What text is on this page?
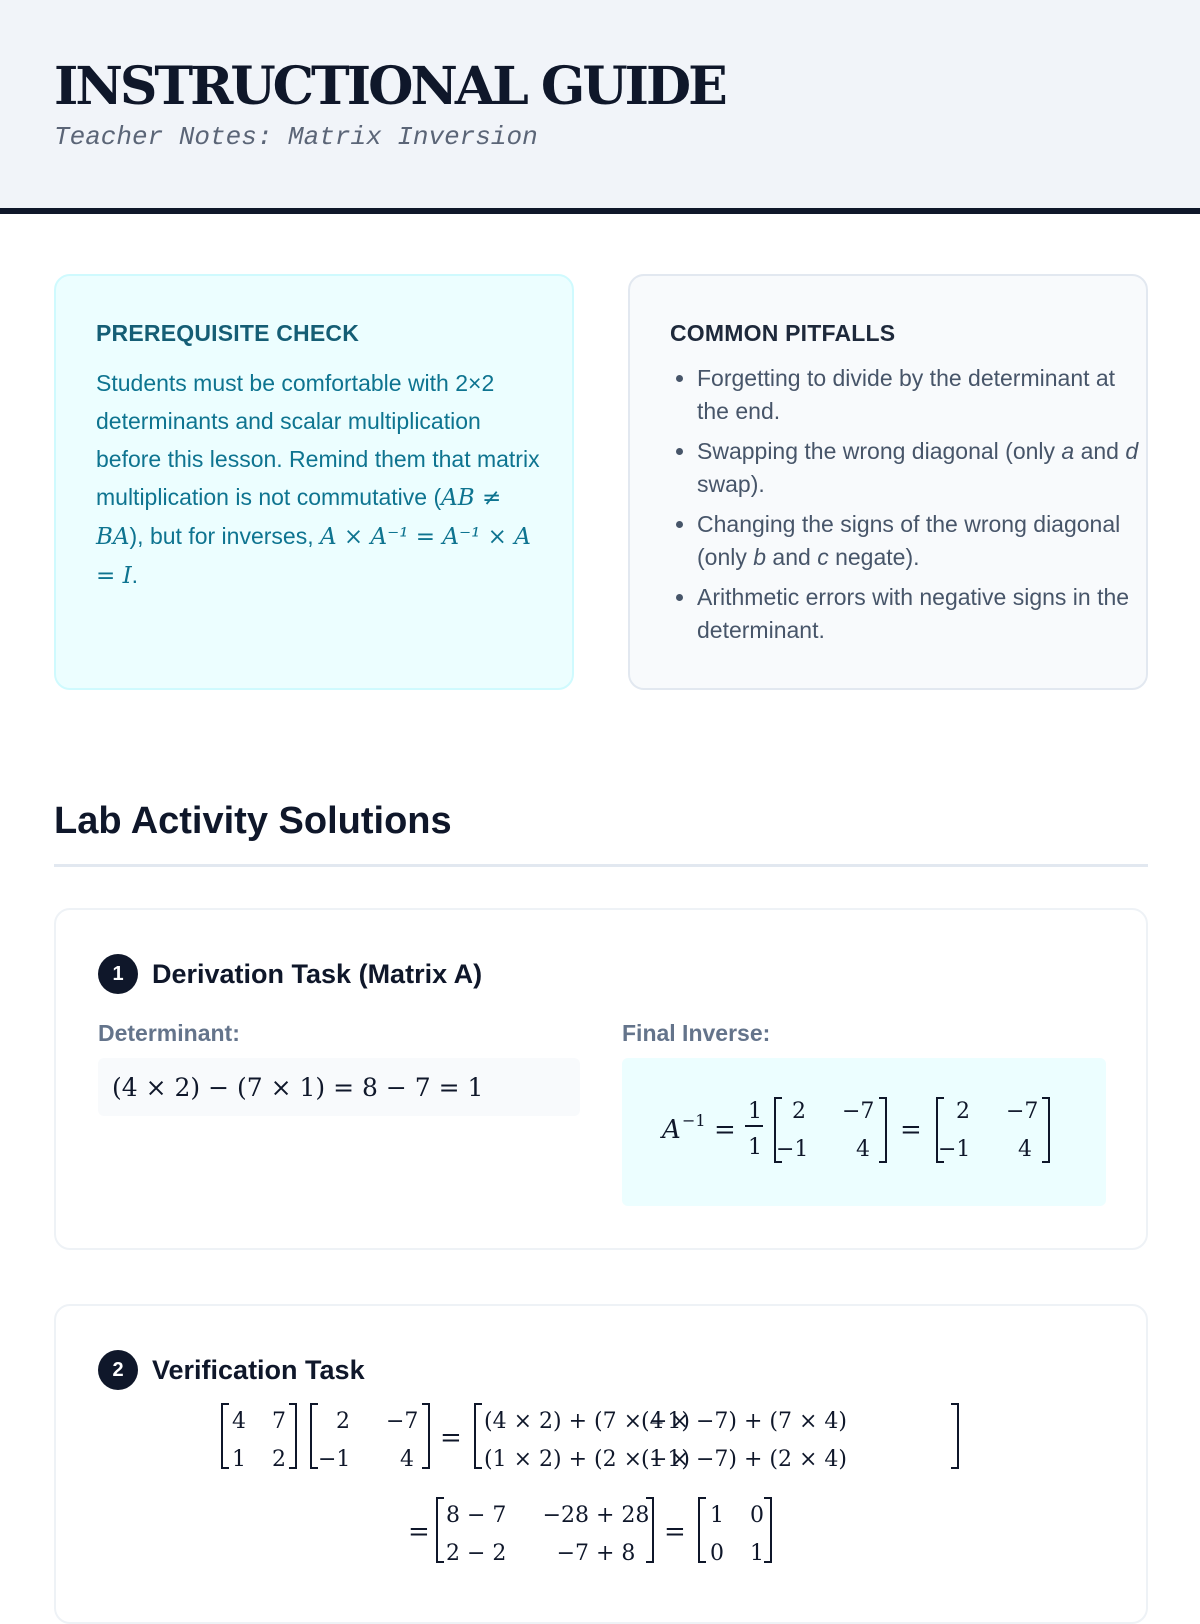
INSTRUCTIONAL GUIDE
Teacher Notes: Matrix Inversion
PREREQUISITE CHECK

Students must be comfortable with 2×2 determinants and scalar multiplication before this lesson. Remind them that matrix multiplication is not commutative (AB ≠ BA), but for inverses, A × A⁻¹ = A⁻¹ × A = I.

COMMON PITFALLS
• Forgetting to divide by the determinant at the end.
• Swapping the wrong diagonal (only a and d swap).
• Changing the signs of the wrong diagonal (only b and c negate).
• Arithmetic errors with negative signs in the determinant.
Lab Activity Solutions
1	Derivation Task (Matrix A)
Determinant:
(4 × 2) − (7 × 1) = 8 − 7 = 1
Final Inverse:
A −1 =
1
1
2 −7
−1 4
=
2 −7
−1 4
2	Verification Task
4 7
1 2
2 −7
−1 4
=
(4 × 2) + (7 × −1)
(4 × −7) + (7 × 4)
(1 × 2) + (2 × −1)
(1 × −7) + (2 × 4)
=
8 − 7 −28 + 28
2 − 2 −7 + 8
=
1 0
0 1
